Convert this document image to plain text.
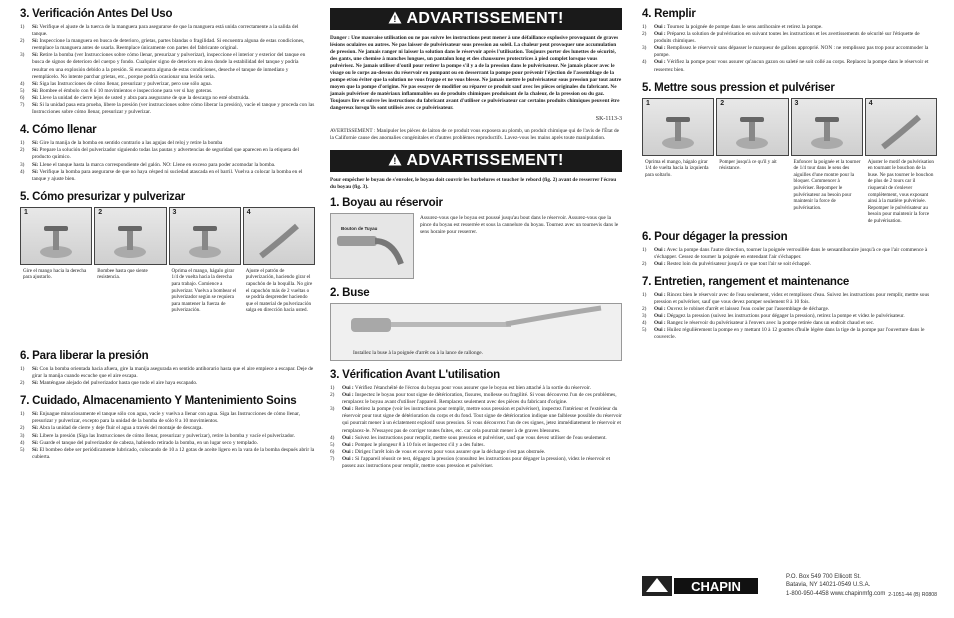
3. Verificación Antes Del Uso
1) Sí: Verifique el ajuste de la tuerca de la manguera para asegurarse de que la manguera está unida correctamente a la salida del tanque.
2) Sí: Inspeccione la manguera en busca de deterioro, grietas, partes blandas o fragilidad. Si encuentra alguna de estas condiciones, reemplace la manguera antes de usarla. Reemplace únicamente con partes del fabricante original.
3) Sí: Retire la bomba (ver Instrucciones sobre cómo llenar, presurizar y pulverizar), inspeccione el interior y exterior del tanque en busca de signos de deterioro del cuerpo y fondo. Cualquier signo de deterioro en área donde la estabilidad del tanque y podría resultar en una explosión debido a la presión. Si encuentra alguna de estas condiciones, deseche el tanque de inmediato y reemplácelo. No intente parchar grietas, etc., porque podría ocasionar una lesión seria.
4) Sí: Siga las Instrucciones de cómo llenar, presurizar y pulverizar, pero use sólo agua.
5) Sí: Bombee el émbolo con 8 ó 10 movimientos e inspeccione para ver si hay goteras.
6) Sí: Lleve la unidad de cierre lejos de usted y abra para asegurarse de que la descarga no esté obstruida.
7) Sí: Si la unidad pasa esta prueba, libere la presión (ver instrucciones sobre cómo liberar la presión), vacíe el tanque y proceda con las Instrucciones sobre cómo llenar, presurizar y pulverizar.
4. Cómo llenar
1) Sí: Gire la manija de la bomba en sentido contrario a las agujas del reloj y retire la bomba
2) Sí: Prepare la solución del pulverizador siguiendo todas las pautas y advertencias de seguridad que aparecen en la etiqueta del producto químico.
3) Sí: Llene el tanque hasta la marca correspondiente del galón. NO: Llene en exceso para poder acomodar la bomba.
4) Sí: Verifique la bomba para asegurarse de que no haya césped ni suciedad atascada en el barril. Vuelva a colocar la bomba en el tanque y ajuste bien.
5. Cómo presurizar y pulverizar
1
Gire el mango hacia la derecha para ajustarlo.
2
Bombee hasta que siente resistencia.
3
Oprima el mango, hágalo girar 1/4 de vuelta hacia la derecha para trabajo. Comience a pulverizar. Vuelva a bombear el pulverizador según se requiera para mantener la fuerza de pulverización.
4
Ajuste el patrón de pulverización, haciendo girar el capuchón de la boquilla. No gire el capuchón más de 2 vueltas o se podría desprender haciendo que el material de pulverización salga en dirección hacia usted.
6. Para liberar la presión
1) Sí: Con la bomba orientada hacia afuera, gire la manija asegurada en sentido antihorario hasta que el aire empiece a escapar. Deje de girar la manija cuando escuche que el aire escapa.
2) Sí: Manténgase alejado del pulverizador hasta que todo el aire haya escapado.
7. Cuidado, Almacenamiento Y Mantenimiento Soins
1) Sí: Enjuague minuciosamente el tanque sólo con agua, vacíe y vuelva a llenar con agua. Siga las Instrucciones de cómo llenar, presurizar y pulverizar, excepto para la unidad de la bomba de sólo 8 a 10 movimientos.
2) Sí: Abra la unidad de cierre y deje fluir el agua a través del montaje de descarga.
3) Sí: Libere la presión (Siga las Instrucciones de cómo llenar, presurizar y pulverizar), retire la bomba y vacíe el pulverizador.
4) Sí: Guarde el tanque del pulverizador de cabeza, habiendo retirado la bomba, en un lugar seco y templado.
5) Sí: El bombeo debe ser periódicamente lubricado, colocando de 10 a 12 gotas de aceite ligero en la vara de la bomba después abrir la cubierta.
! ADVARTISSEMENT!

Danger : Une mauvaise utilisation ou ne pas suivre les instructions peut mener à une défaillance explosive provoquant de graves lésions oculaires ou autres. Ne pas laisser de pulvérisateur sous pression au soleil. La chaleur peut provoquer une accumulation de pression. Ne jamais ranger ni laisser la solution dans le réservoir après l'utilisation. Toujours porter des lunettes de sécurité, des gants, une chemise à manches longues, un pantalon long et des chaussures protectrices à pied complet lorsque vous pulvérisez. Ne jamais utiliser d'outil pour retirer la pompe s'il y a de la pression dans le pulvérisateur. Ne jamais placer avec le visage ou le corps au-dessus du réservoir en pompant ou en desserrant la pompe pour prévenir l'éjection de l'assemblage de la pompe et/ou éviter que la solution ne vous frappe et ne vous blesse. Ne jamais mettre le pulvérisateur sous pression par tout autre moyen que la pompe d'origine. Ne pas essayer de modifier ou réparer ce produit sauf avec les pièces originales du fabricant. Ne jamais pulvériser de matériaux inflammables ou de produits chimiques produisant de la chaleur, de la pression ou du gaz. Toujours lire et suivre les instructions du fabricant avant d'utiliser ce pulvérisateur car certains produits chimiques peuvent être dangereux lorsqu'ils sont utilisés avec ce pulvérisateur.

SK-1113-3

AVERTISSEMENT : Manipuler les pièces de laiton de ce produit vous exposera au plomb, un produit chimique qui de l'avis de l'État de la Californie cause des anomalies congénitales et d'autres problèmes reproductifs. Lavez-vous les mains après toute manipulation.

! ADVARTISSEMENT!

Pour empêcher le boyau de s'envoler, le boyau doit couvrir les barbelures et toucher le rebord (fig. 2) avant de resserrer l'écrou du boyau (fig. 3).

1. Boyau au réservoir
Bouton de Tuyau

Assurez-vous que le boyau est poussé jusqu'au bout dans le réservoir. Assurez-vous que la pince du boyau est resserrée et sous la cannelure du boyau. Tournez avec un tournevis dans le sens horaire pour resserrer.

2. Buse
Installez la buse à la poignée d'arrêt ou à la lance de rallonge.
3. Vérification Avant L'utilisation
1) Oui : Vérifiez l'étanchéité de l'écrou du boyau pour vous assurer que le boyau est bien attaché à la sortie du réservoir.
2) Oui : Inspectez le boyau pour tout signe de détérioration, fissures, mollesse ou fragilité. Si vous découvrez l'un de ces problèmes, remplacez le boyau avant d'utiliser l'appareil. Remplacez seulement avec des pièces du fabricant d'origine.
3) Oui : Retirez la pompe (voir les instructions pour remplir, mettre sous pression et pulvériser), inspectez l'intérieur et l'extérieur du réservoir pour tout signe de détérioration du corps et du fond. Tout signe de détérioration indique une faiblesse possible du réservoir qui pourrait mener à un éclatement explosif sous pression. Si vous découvrez l'un de ces signes, jetez immédiatement le réservoir et remplacez-le. N'essayez pas de corriger toutes fuites, etc. car cela pourrait mener à de graves blessures.
4) Oui : Suivez les instructions pour remplir, mettre sous pression et pulvériser, sauf que vous devez utiliser de l'eau seulement.
5) Oui : Pompez le plongeur 8 à 10 fois et inspectez s'il y a des fuites.
6) Oui : Dirigez l'arrêt loin de vous et ouvrez pour vous assurer que la décharge n'est pas obstruée.
7) Oui : Si l'appareil réussit ce test, dégagez la pression (consultez les instructions pour dégager la pression), videz le réservoir et passez aux instructions pour remplir, mettre sous pression et pulvériser.
4. Remplir
1) Oui : Tournez la poignée de pompe dans le sens antihoraire et retirez la pompe.
2) Oui : Préparez la solution de pulvérisation en suivant toutes les instructions et les avertissements de sécurité sur l'étiquette de produits chimiques.
3) Oui : Remplissez le réservoir sans dépasser le marqueur de gallons approprié. NON : ne remplissez pas trop pour accommoder la pompe.
4) Oui : Vérifiez la pompe pour vous assurer qu'aucun gazon ou saleté ne soit collé au corps. Replacez la pompe dans le réservoir et resserrez bien.
5. Mettre sous pression et pulvériser
1
Oprima el mango, hágalo girar 1/4 de vuelta hacia la izquierda para soltarlo.
2
Pomper jusqu'à ce qu'il y ait résistance.
3
Enfoncer la poignée et la tourner de 1/4 tour dans le sens des aiguilles d'une montre pour la bloquer. Commencer à pulvériser. Repomper le pulvérisateur au besoin pour maintenir la force de pulvérisation.
4
Ajuster le motif de pulvérisation en tournant le bouchon de la buse. Ne pas tourner le bouchon de plus de 2 tours car il risquerait de s'enlever complètement, vous exposant ainsi à la matière pulvérisée. Repomper le pulvérisateur au besoin pour maintenir la force de pulvérisation.
6. Pour dégager la pression
1) Oui : Avec la pompe dans l'autre direction, tourner la poignée verrouillée dans le sensantihoraire jusqu'à ce que l'air commence à s'échapper. Cessez de tourner la poignée en entendant l'air s'échapper.
2) Oui : Restez loin du pulvérisateur jusqu'à ce que tout l'air se soit échappé.
7. Entretien, rangement et maintenance
1) Oui : Rincez bien le réservoir avec de l'eau seulement, videz et remplissez d'eau. Suivez les instructions pour remplir, mettre sous pression et pulvériser, sauf que vous devez pomper seulement 8 à 10 fois.
2) Oui : Ouvrez le robinet d'arrêt et laissez l'eau couler par l'assemblage de décharge.
3) Oui : Dégagez la pression (suivez les instructions pour dégager la pression), retirez la pompe et videz le pulvérisateur.
4) Oui : Rangez le réservoir du pulvérisateur à l'envers avec la pompe retirée dans un endroit chaud et sec.
5) Oui : Huilez régulièrement la pompe en y mettant 10 à 12 gouttes d'huile légère dans la tige de la pompe par l'ouverture dans le couvercle.
CHAPIN
P.O. Box 549 700 Ellicott St.
Batavia, NY 14021-0549 U.S.A.
1-800-950-4458 www.chapinmfg.com 2-1051-44 (B) R0808
